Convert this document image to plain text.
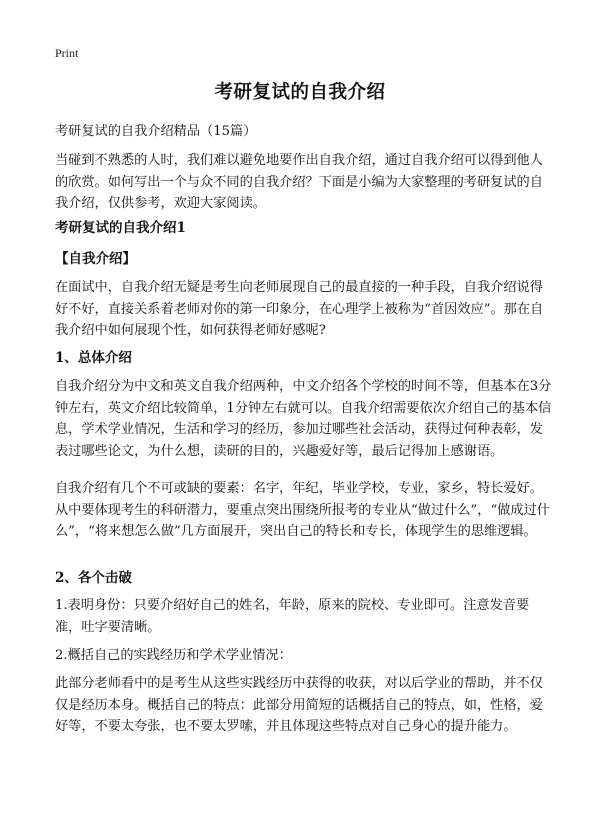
Print
考研复试的自我介绍

考研复试的自我介绍精品（15篇）

当碰到不熟悉的人时，我们难以避免地要作出自我介绍，通过自我介绍可以得到他人的欣赏。如何写出一个与众不同的自我介绍？下面是小编为大家整理的考研复试的自我介绍，仅供参考，欢迎大家阅读。

考研复试的自我介绍1

【自我介绍】

在面试中，自我介绍无疑是考生向老师展现自己的最直接的一种手段，自我介绍说得好不好，直接关系着老师对你的第一印象分，在心理学上被称为“首因效应”。那在自我介绍中如何展现个性，如何获得老师好感呢?

1、总体介绍

自我介绍分为中文和英文自我介绍两种，中文介绍各个学校的时间不等，但基本在3分钟左右，英文介绍比较简单，1分钟左右就可以。自我介绍需要依次介绍自己的基本信息，学术学业情况，生活和学习的经历，参加过哪些社会活动，获得过何种表彰，发表过哪些论文，为什么想，读研的目的，兴趣爱好等，最后记得加上感谢语。

自我介绍有几个不可或缺的要素：名字，年纪，毕业学校，专业，家乡，特长爱好。从中要体现考生的科研潜力，要重点突出围绕所报考的专业从“做过什么”，“做成过什么”，“将来想怎么做”几方面展开，突出自己的特长和专长，体现学生的思维逻辑。

2、各个击破

1.表明身份：只要介绍好自己的姓名，年龄，原来的院校、专业即可。注意发音要准，吐字要清晰。

2.概括自己的实践经历和学术学业情况：

此部分老师看中的是考生从这些实践经历中获得的收获，对以后学业的帮助，并不仅仅是经历本身。概括自己的特点：此部分用简短的话概括自己的特点，如，性格，爱好等，不要太夸张，也不要太罗嗦，并且体现这些特点对自己身心的提升能力。
